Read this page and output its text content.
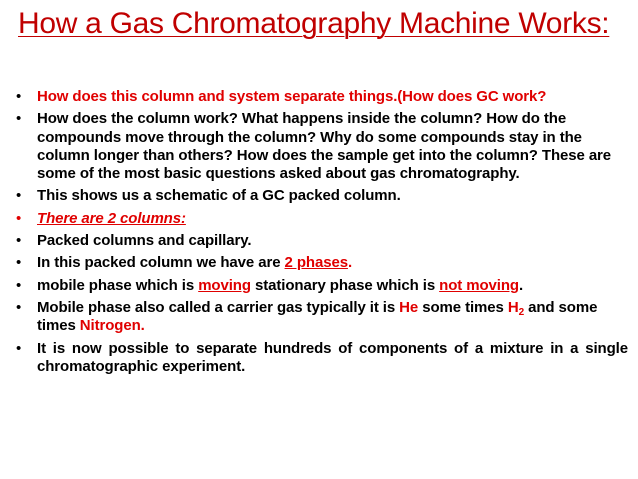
How a Gas Chromatography Machine Works:
• How does this column and system separate things.(How does GC work?
• How does the column work? What happens inside the column? How do the compounds move through the column? Why do some compounds stay in the column longer than others? How does the sample get into the column? These are some of the most basic questions asked about gas chromatography.
• This shows us a schematic of a GC packed column.
• There are 2 columns:
• Packed columns and capillary.
• In this packed column we have are 2 phases.
• mobile phase which is moving stationary phase which is not moving.
• Mobile phase also called a carrier gas typically it is He some times $H_2$ and some times Nitrogen.
• It is now possible to separate hundreds of components of a mixture in a single chromatographic experiment.
